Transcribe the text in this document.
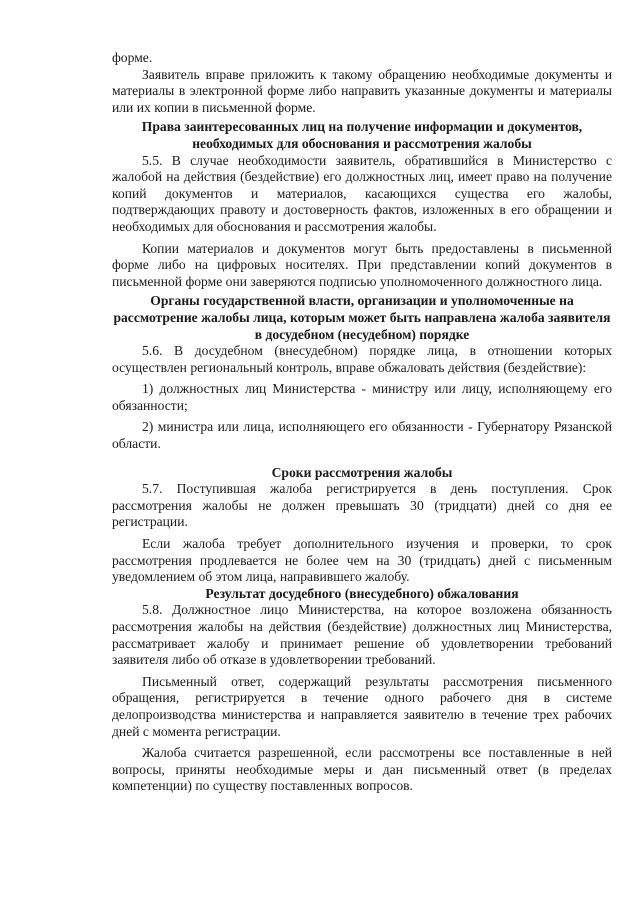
форме.

Заявитель вправе приложить к такому обращению необходимые документы и материалы в электронной форме либо направить указанные документы и материалы или их копии в письменной форме.

Права заинтересованных лиц на получение информации и документов, необходимых для обоснования и рассмотрения жалобы

5.5. В случае необходимости заявитель, обратившийся в Министерство с жалобой на действия (бездействие) его должностных лиц, имеет право на получение копий документов и материалов, касающихся существа его жалобы, подтверждающих правоту и достоверность фактов, изложенных в его обращении и необходимых для обоснования и рассмотрения жалобы.

Копии материалов и документов могут быть предоставлены в письменной форме либо на цифровых носителях. При представлении копий документов в письменной форме они заверяются подписью уполномоченного должностного лица.

Органы государственной власти, организации и уполномоченные на рассмотрение жалобы лица, которым может быть направлена жалоба заявителя в досудебном (несудебном) порядке

5.6. В досудебном (внесудебном) порядке лица, в отношении которых осуществлен региональный контроль, вправе обжаловать действия (бездействие):

1) должностных лиц Министерства - министру или лицу, исполняющему его обязанности;

2) министра или лица, исполняющего его обязанности - Губернатору Рязанской области.

Сроки рассмотрения жалобы

5.7. Поступившая жалоба регистрируется в день поступления. Срок рассмотрения жалобы не должен превышать 30 (тридцати) дней со дня ее регистрации.

Если жалоба требует дополнительного изучения и проверки, то срок рассмотрения продлевается не более чем на 30 (тридцать) дней с письменным уведомлением об этом лица, направившего жалобу.

Результат досудебного (внесудебного) обжалования

5.8. Должностное лицо Министерства, на которое возложена обязанность рассмотрения жалобы на действия (бездействие) должностных лиц Министерства, рассматривает жалобу и принимает решение об удовлетворении требований заявителя либо об отказе в удовлетворении требований.

Письменный ответ, содержащий результаты рассмотрения письменного обращения, регистрируется в течение одного рабочего дня в системе делопроизводства министерства и направляется заявителю в течение трех рабочих дней с момента регистрации.

Жалоба считается разрешенной, если рассмотрены все поставленные в ней вопросы, приняты необходимые меры и дан письменный ответ (в пределах компетенции) по существу поставленных вопросов.
